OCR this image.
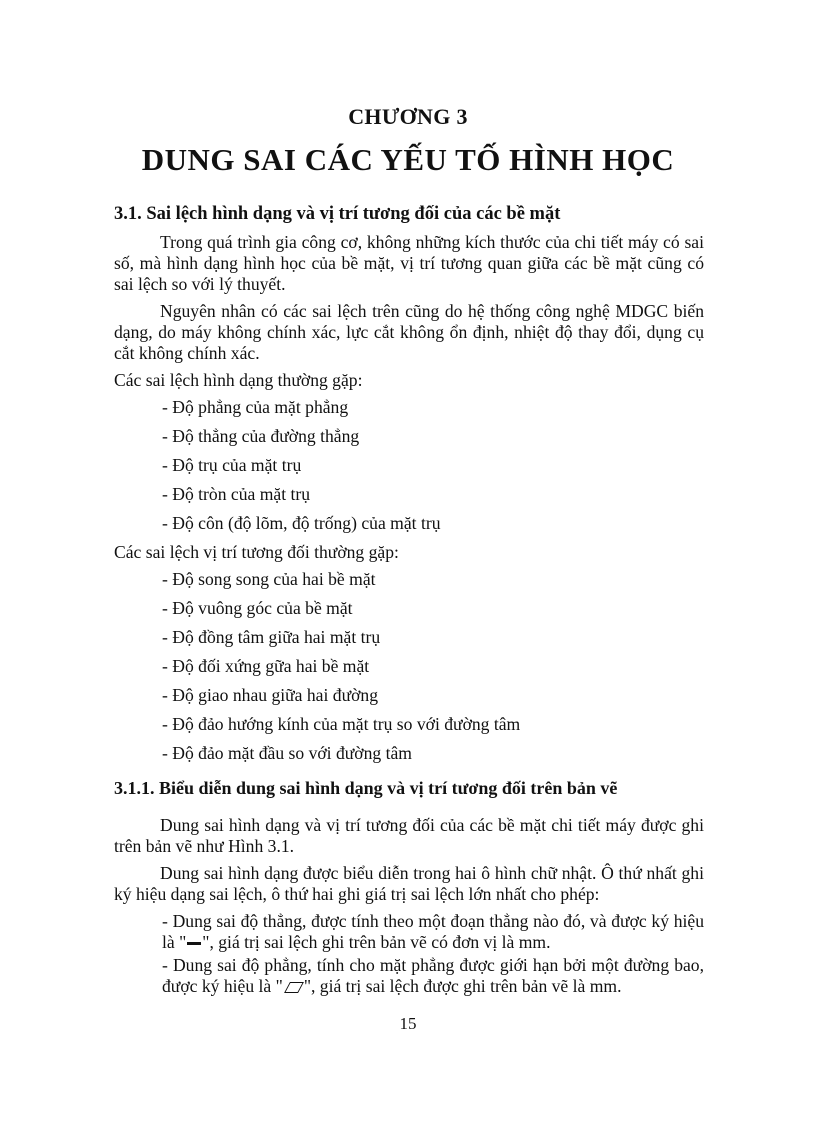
CHƯƠNG 3
DUNG SAI CÁC YẾU TỐ HÌNH HỌC
3.1. Sai lệch hình dạng và vị trí tương đối của các bề mặt

Trong quá trình gia công cơ, không những kích thước của chi tiết máy có sai số, mà hình dạng hình học của bề mặt, vị trí tương quan giữa các bề mặt cũng có sai lệch so với lý thuyết.

Nguyên nhân có các sai lệch trên cũng do hệ thống công nghệ MDGC biến dạng, do máy không chính xác, lực cắt không ổn định, nhiệt độ thay đổi, dụng cụ cắt không chính xác.

Các sai lệch hình dạng thường gặp:

- Độ phẳng của mặt phẳng
- Độ thẳng của đường thẳng
- Độ trụ của mặt trụ
- Độ tròn của mặt trụ
- Độ côn (độ lõm, độ trống) của mặt trụ

Các sai lệch vị trí tương đối thường gặp:

- Độ song song của hai bề mặt
- Độ vuông góc của bề mặt
- Độ đồng tâm giữa hai mặt trụ
- Độ đối xứng gữa hai bề mặt
- Độ giao nhau giữa hai đường
- Độ đảo hướng kính của mặt trụ so với đường tâm
- Độ đảo mặt đầu so với đường tâm
3.1.1. Biểu diễn dung sai hình dạng và vị trí tương đối trên bản vẽ

Dung sai hình dạng và vị trí tương đối của các bề mặt chi tiết máy được ghi trên bản vẽ như Hình 3.1.

Dung sai hình dạng được biểu diễn trong hai ô hình chữ nhật. Ô thứ nhất ghi ký hiệu dạng sai lệch, ô thứ hai ghi giá trị sai lệch lớn nhất cho phép:

- Dung sai độ thẳng, được tính theo một đoạn thẳng nào đó, và được ký hiệu là " ", giá trị sai lệch ghi trên bản vẽ có đơn vị là mm.

- Dung sai độ phẳng, tính cho mặt phẳng được giới hạn bởi một đường bao, được ký hiệu là " ", giá trị sai lệch được ghi trên bản vẽ là mm.

15
